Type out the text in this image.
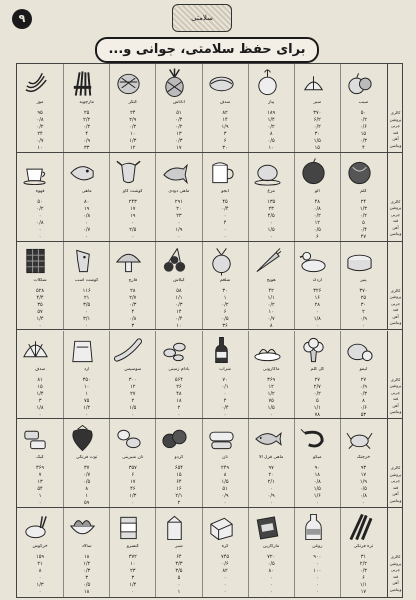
۹	سلامتی
برای حفظ سلامتی، جوانی و...
موز
۹۵
۰/۸
۰/۲
۲۴
۰/۷
۱۰
مارچوبه
۲۵
۲/۲
۰/۲
۴
۰/۹
۳۳
کنگر
۲۴
۲/۹
۰/۲
۱۰
۱/۳
۱۲
آناناس
۵۱
۰/۴
۰/۲
۱۳
۰/۳
۱۷
صدف
۸۲
۱۴
۱/۹
۳
۶
۳۰
پیاز
۱۸۹
۱/۴
۰/۲
۸
۰/۵
۱۰
سیر
۳۷۰
۶/۲
۰/۲
۳۰
۱/۵
۱۵
سیب
۵۰
۰/۲
۰/۶
۱۵
۰/۳
۴
کالری
پروتئین
چربی
قند
آهن
ویتامین
قهوه
۵۰
۰/۲
۰
۰/۸
۰
۰
ماهی
۸۰
۱۹
۰/۸
۰
۰/۷
۰
گوشت گاو
۲۴۳
۱۷
۱۹
۰
۲/۵
۰
ماهی دودی
۲۹۱
۲۰
۲۳
۰
۱/۹
۰
آبجو
۴۵
۰/۴
۰
۴
۰
۰
مرغ
۱۳۵
۲۳
۴/۵
۰
۱/۵
۰
آلو
۴۸
۰/۸
۰/۲
۱۲
۰/۵
۶
کلم
۲۴
۱/۳
۰/۲
۵
۰/۴
۴۷
کالری
پروتئین
چربی
قند
آهن
ویتامین
شکلات
۵۲۸
۴/۴
۳۵
۵۷
۱/۴
۰
گوشت اسب
۱۱۶
۲۱
۳/۵
۰
۳/۱
۰
قارچ
۲۸
۲/۷
۰/۳
۴
۰/۸
۳
گیلاس
۵۸
۱/۱
۰/۳
۱۴
۰/۴
۱۰
شلغم
۳۰
۱
۰/۲
۶
۰/۵
۳۶
هویج
۴۲
۱/۱
۰/۲
۱۰
۰/۷
۸
اردک
۳۲۶
۱۶
۲۸
۰
۱/۸
۰
پنیر
۳۷۰
۲۵
۳۰
۲
۰/۹
۰
کالری
پروتئین
چربی
قند
آهن
ویتامین
صدف
۸۱
۱۵
۱/۴
۳
۱/۸
۰
آرد
۳۵۰
۱۰
۱
۷۵
۱/۲
۰
سوسیس
۳۰۰
۱۲
۲۷
۲
۱/۵
۰
بادام زمینی
۵۶۴
۲۶
۴۸
۱۸
۲
۰
شراب
۷۰
۰/۱
۰
۴
۰/۴
۰
ماکارونی
۳۶۹
۱۲
۱/۲
۷۵
۱/۵
۰
گل کلم
۲۷
۲/۷
۰/۲
۵
۱/۱
۷۸
لیمو
۲۷
۰/۹
۰/۳
۸
۰/۶
۵۳
کالری
پروتئین
چربی
قند
آهن
ویتامین
کیک
۳۶۹
۷
۱۳
۵۴
۱
۰
توت فرنگی
۳۷
۰/۷
۰/۵
۸
۱
۵۹
نان شیرینی
۳۵۷
۶
۱۷
۴۶
۱/۳
۰
گردو
۶۵۴
۱۵
۶۴
۱۶
۲/۱
۲
نان
۲۴۹
۸
۱/۵
۵۱
۰/۹
۰
ماهی قزل آلا
۹۷
۲۰
۲/۱
۰
۰/۹
۰
میگو
۹۰
۱۸
۰/۸
۱/۵
۱/۶
۰
خرچنگ
۹۳
۱۷
۱/۹
۰/۵
۰/۸
۰
کالری
پروتئین
چربی
قند
آهن
ویتامین
خرگوش
۱۵۹
۲۱
۸
۰
۱/۳
۰
سالاد
۱۸
۱/۲
۰/۳
۳
۰/۵
۱۸
کنسرو
۳۷۲
۱۰
۲۳
۳
۱/۴
۰
شیر
۶۴
۳/۳
۳/۵
۵
۰
۱
کره
۷۴۵
۰/۶
۸۲
۰
۰
۰
مارگارین
۷۲۰
۰/۵
۸۰
۰
۰
۰
روغن
۹۰۰
۰
۱۰۰
۰
۰
۰
تره فرنگی
۳۱
۲/۲
۰/۳
۶
۱/۱
۱۷
کالری
پروتئین
چربی
قند
آهن
ویتامین
